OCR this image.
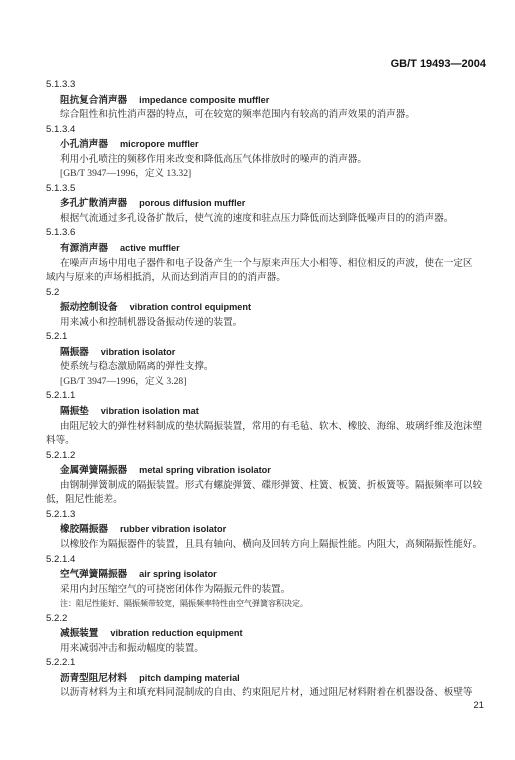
GB/T 19493—2004
5.1.3.3
阻抗复合消声器 impedance composite muffler
综合阻性和抗性消声器的特点，可在较宽的频率范围内有较高的消声效果的消声器。
5.1.3.4
小孔消声器 micropore muffler
利用小孔喷注的频移作用来改变和降低高压气体排放时的噪声的消声器。
[GB/T 3947—1996，定义 13.32]
5.1.3.5
多孔扩散消声器 porous diffusion muffler
根据气流通过多孔设备扩散后，使气流的速度和驻点压力降低而达到降低噪声目的的消声器。
5.1.3.6
有源消声器 active muffler
在噪声声场中用电子器件和电子设备产生一个与原来声压大小相等、相位相反的声波，使在一定区
域内与原来的声场相抵消，从而达到消声目的的消声器。
5.2
振动控制设备 vibration control equipment
用来减小和控制机器设备振动传递的装置。
5.2.1
隔振器 vibration isolator
使系统与稳态激励隔离的弹性支撑。
[GB/T 3947—1996，定义 3.28]
5.2.1.1
隔振垫 vibration isolation mat
由阻尼较大的弹性材料制成的垫状隔振装置，常用的有毛毡、软木、橡胶、海绵、玻璃纤维及泡沫塑
料等。
5.2.1.2
金属弹簧隔振器 metal spring vibration isolator
由钢制弹簧制成的隔振装置。形式有螺旋弹簧、碟形弹簧、柱簧、板簧、折板簧等。隔振频率可以较
低，阻尼性能差。
5.2.1.3
橡胶隔振器 rubber vibration isolator
以橡胶作为隔振器件的装置，且具有轴向、横向及回转方向上隔振性能。内阻大，高频隔振性能好。
5.2.1.4
空气弹簧隔振器 air spring isolator
采用内封压缩空气的可挠密闭体作为隔振元件的装置。
注：阻尼性能好、隔振频带较宽，隔振频率特性由空气弹簧容积决定。
5.2.2
减振装置 vibration reduction equipment
用来减弱冲击和振动幅度的装置。
5.2.2.1
沥青型阻尼材料 pitch damping material
以沥青材料为主和填充料同混制成的自由、约束阻尼片材，通过阻尼材料附着在机器设备、板壁等
21
